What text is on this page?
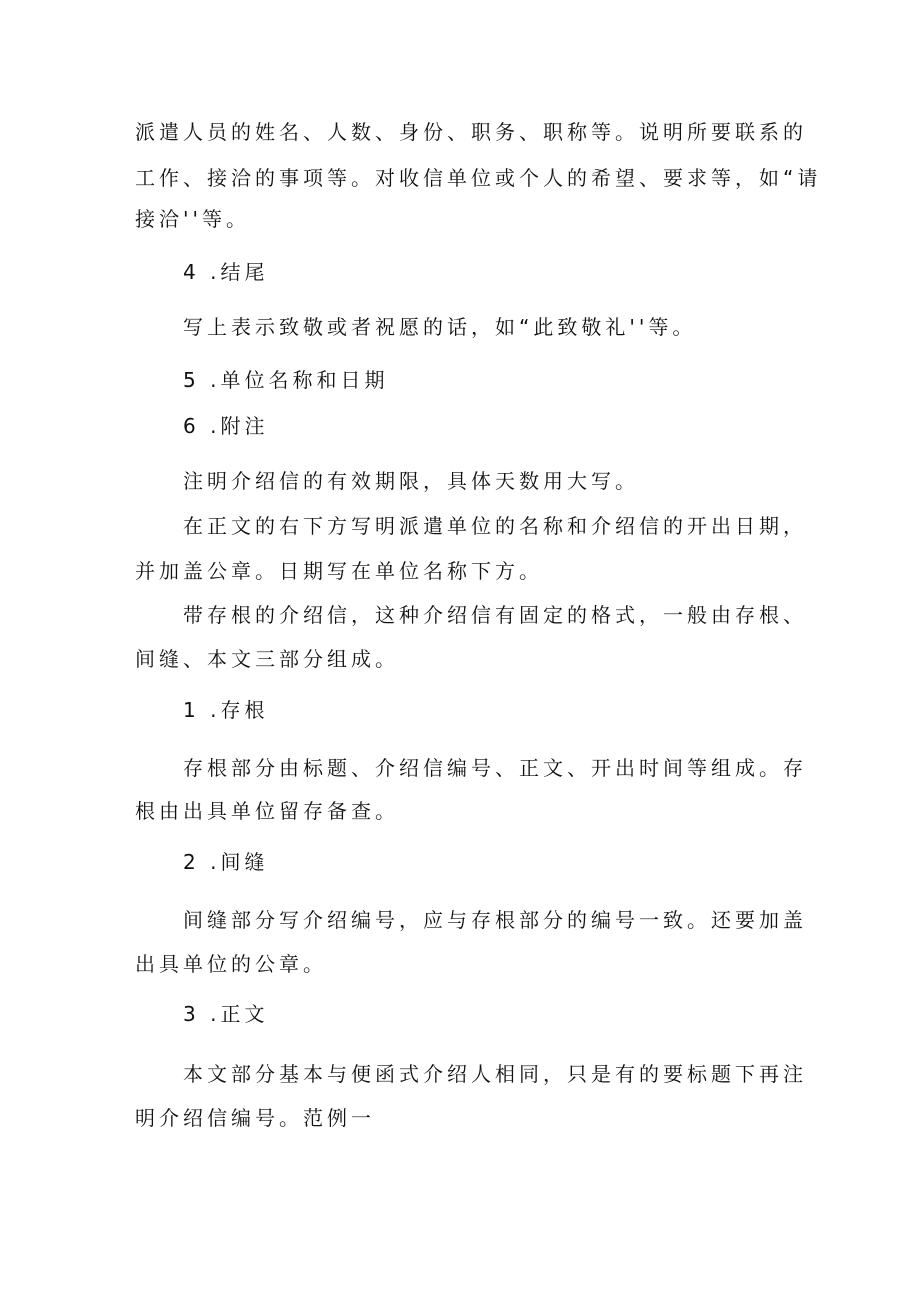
派遣人员的姓名、人数、身份、职务、职称等。说明所要联系的

工作、接洽的事项等。对收信单位或个人的希望、要求等，如“请

接洽''等。

4 .结尾

写上表示致敬或者祝愿的话，如“此致敬礼''等。

5 .单位名称和日期

6 .附注

注明介绍信的有效期限，具体天数用大写。

在正文的右下方写明派遣单位的名称和介绍信的开出日期，

并加盖公章。日期写在单位名称下方。

带存根的介绍信，这种介绍信有固定的格式，一般由存根、

间缝、本文三部分组成。

1 .存根

存根部分由标题、介绍信编号、正文、开出时间等组成。存

根由出具单位留存备查。

2 .间缝

间缝部分写介绍编号，应与存根部分的编号一致。还要加盖

出具单位的公章。

3 .正文

本文部分基本与便函式介绍人相同，只是有的要标题下再注

明介绍信编号。范例一
